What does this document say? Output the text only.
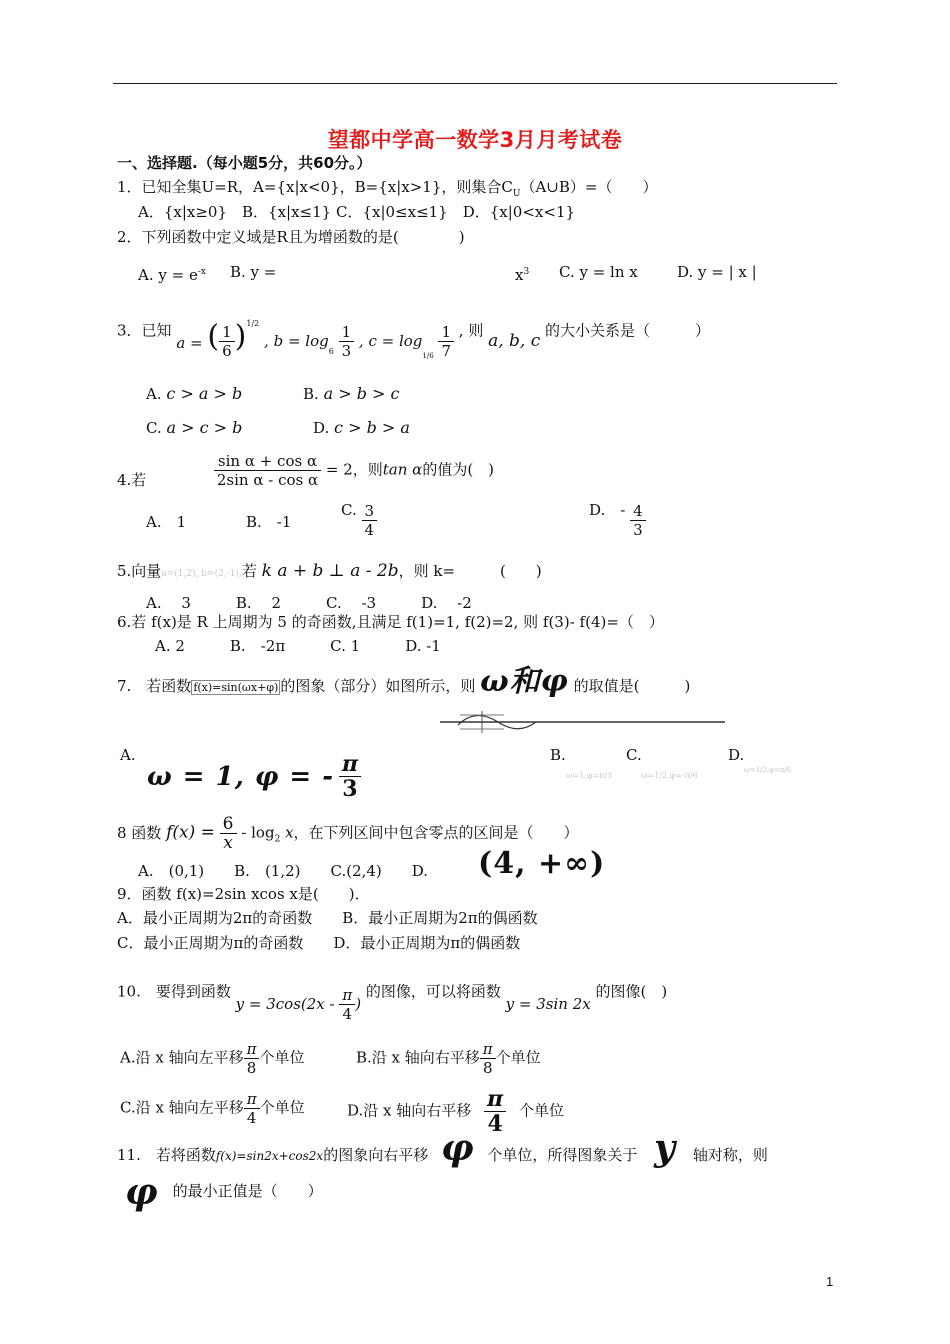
望都中学高一数学3月月考试卷
一、选择题.（每小题5分，共60分。）
1．已知全集U=R，A={x|x<0}，B={x|x>1}，则集合$C_U(A\cup B)=$（　　）
A．{x|x≥0}　B．{x|x≤1} C．{x|0≤x≤1}　D．{x|0<x<1}
2．下列函数中定义域是R且为增函数的是(　　　　)
A. $y = e^{-x}$ B. y =	$x^3$ C. y = ln x	D. y = | x |
3．已知 a = ( $\frac{1}{6} )^{1/2}$ , $b = \log_6 \frac{1}{3}$ , $c = \log_{1/6} \frac{1}{7}$ , 则 a, b, c 的大小关系是（　　　）
A. c > a > b	B. a > b > c
C. a > c > b	D. c > b > a
4.若	$\frac{\text{sin α + cos α}}{\text{2sin α - cos α}} = 2$，则tan α的值为(　)
A.　1	B.　-1
C. $\frac{3}{4}$	D.　- $\frac{4}{3}$
5.向量a=(1,2), b=(2,-1),若 k a + b ⊥ a - 2b，则 k=　　　(　　)
A.　 3　　　B.　 2　　　C.　 -3　　　D.　 -2
6.若 f(x)是 R 上周期为 5 的奇函数,且满足 f(1)=1, f(2)=2, 则 f(3)- f(4)=（　）
A. 2　　　B.　-2π　　　C. 1　　　D. -1
7.　若函数 f(x)=sin(ωx+φ) 的图象（部分）如图所示，则 ω和φ 的取值是(　　　)
A.
ω = 1, φ = - $\frac{\pi}{3}$	B.
ω=1,φ=π/3
C.
ω=1/2,φ=-π/6
D.
ω=1/2,φ=π/6
8 函数 $f(x) = \frac{6}{x} - \log_2 x$，在下列区间中包含零点的区间是（　　）
A.　(0,1)　　B.　(1,2)　　C.(2,4)　　D. (4, +∞)
9．函数 f(x)=2sin xcos x是(　　)．
A．最小正周期为2π的奇函数　　B．最小正周期为2π的偶函数
C．最小正周期为π的奇函数　　D．最小正周期为π的偶函数
10.　要得到函数 $y = 3\cos(2x - \frac{\pi}{4}$ ) 的图像，可以将函数 y = 3sin 2x 的图像(　)
A.沿 x 轴向左平移 $\frac{\pi}{8}$ 个单位	B.沿 x 轴向右平移 $\frac{\pi}{8}$ 个单位
C.沿 x 轴向左平移 $\frac{\pi}{4}$ 个单位	D.沿 x 轴向右平移 $\frac{\pi}{4}$ 个单位
11.　若将函数f(x)=sin2x+cos2x的图象向右平移 φ 个单位，所得图象关于 y 轴对称，则
φ的最小正值是（　　）
1
